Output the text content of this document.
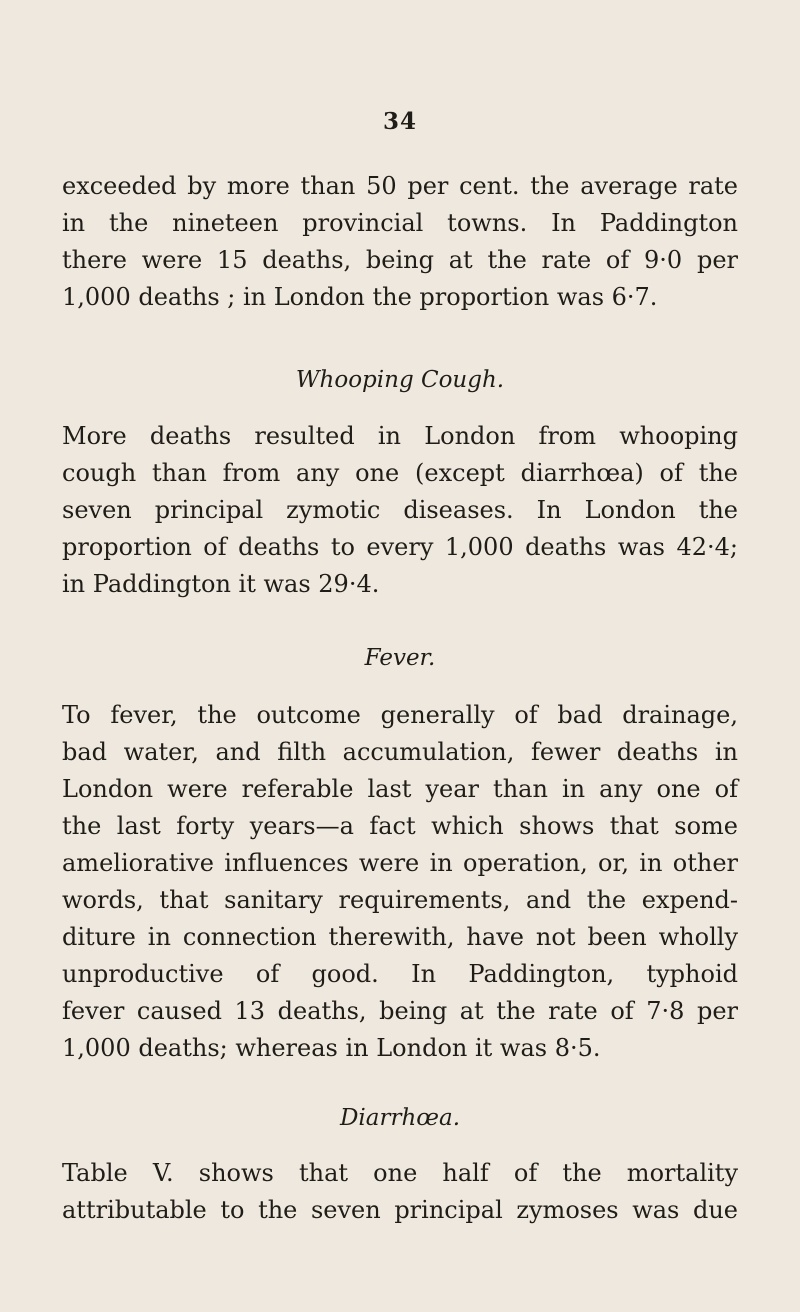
34
exceeded by more than 50 per cent. the average rate
in the nineteen provincial towns. In Paddington
there were 15 deaths, being at the rate of 9·0 per
1,000 deaths ; in London the proportion was 6·7.
Whooping Cough.
More deaths resulted in London from whooping
cough than from any one (except diarrhœa) of the
seven principal zymotic diseases. In London the
proportion of deaths to every 1,000 deaths was 42·4;
in Paddington it was 29·4.
Fever.
To fever, the outcome generally of bad drainage,
bad water, and filth accumulation, fewer deaths in
London were referable last year than in any one of
the last forty years—a fact which shows that some
ameliorative influences were in operation, or, in other
words, that sanitary requirements, and the expend-
diture in connection therewith, have not been wholly
unproductive of good. In Paddington, typhoid
fever caused 13 deaths, being at the rate of 7·8 per
1,000 deaths; whereas in London it was 8·5.
Diarrhœa.
Table V. shows that one half of the mortality
attributable to the seven principal zymoses was due
